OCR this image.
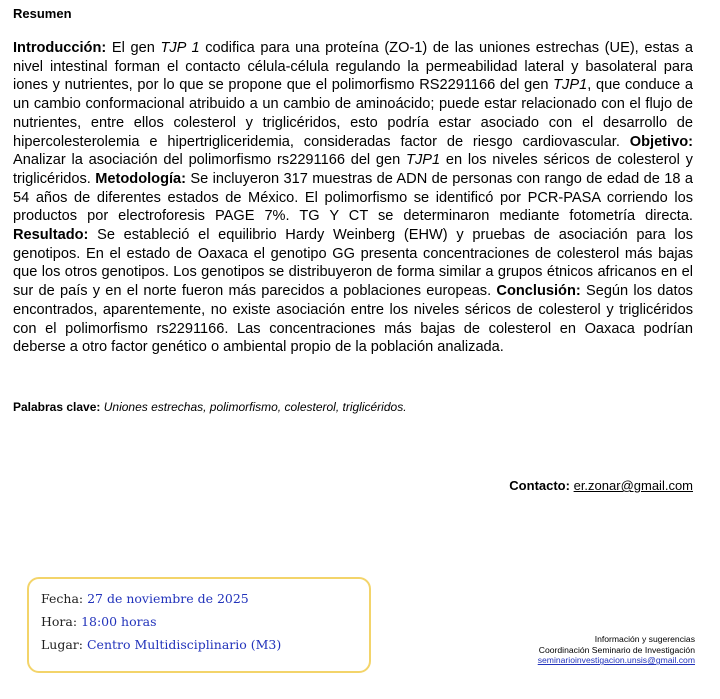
Resumen

Introducción: El gen TJP 1 codifica para una proteína (ZO-1) de las uniones estrechas (UE), estas a nivel intestinal forman el contacto célula-célula regulando la permeabilidad lateral y basolateral para iones y nutrientes, por lo que se propone que el polimorfismo RS2291166 del gen TJP1, que conduce a un cambio conformacional atribuido a un cambio de aminoácido; puede estar relacionado con el flujo de nutrientes, entre ellos colesterol y triglicéridos, esto podría estar asociado con el desarrollo de hipercolesterolemia e hipertrigliceridemia, consideradas factor de riesgo cardiovascular. Objetivo: Analizar la asociación del polimorfismo rs2291166 del gen TJP1 en los niveles séricos de colesterol y triglicéridos. Metodología: Se incluyeron 317 muestras de ADN de personas con rango de edad de 18 a 54 años de diferentes estados de México. El polimorfismo se identificó por PCR-PASA corriendo los productos por electroforesis PAGE 7%. TG Y CT se determinaron mediante fotometría directa. Resultado: Se estableció el equilibrio Hardy Weinberg (EHW) y pruebas de asociación para los genotipos. En el estado de Oaxaca el genotipo GG presenta concentraciones de colesterol más bajas que los otros genotipos. Los genotipos se distribuyeron de forma similar a grupos étnicos africanos en el sur de país y en el norte fueron más parecidos a poblaciones europeas. Conclusión: Según los datos encontrados, aparentemente, no existe asociación entre los niveles séricos de colesterol y triglicéridos con el polimorfismo rs2291166. Las concentraciones más bajas de colesterol en Oaxaca podrían deberse a otro factor genético o ambiental propio de la población analizada.

Palabras clave: Uniones estrechas, polimorfismo, colesterol, triglicéridos.
Contacto: er.zonar@gmail.com
Fecha: 27 de noviembre de 2025
Hora: 18:00 horas
Lugar: Centro Multidisciplinario (M3)	Información y sugerencias
Coordinación Seminario de Investigación
seminarioinvestigacion.unsis@gmail.com
